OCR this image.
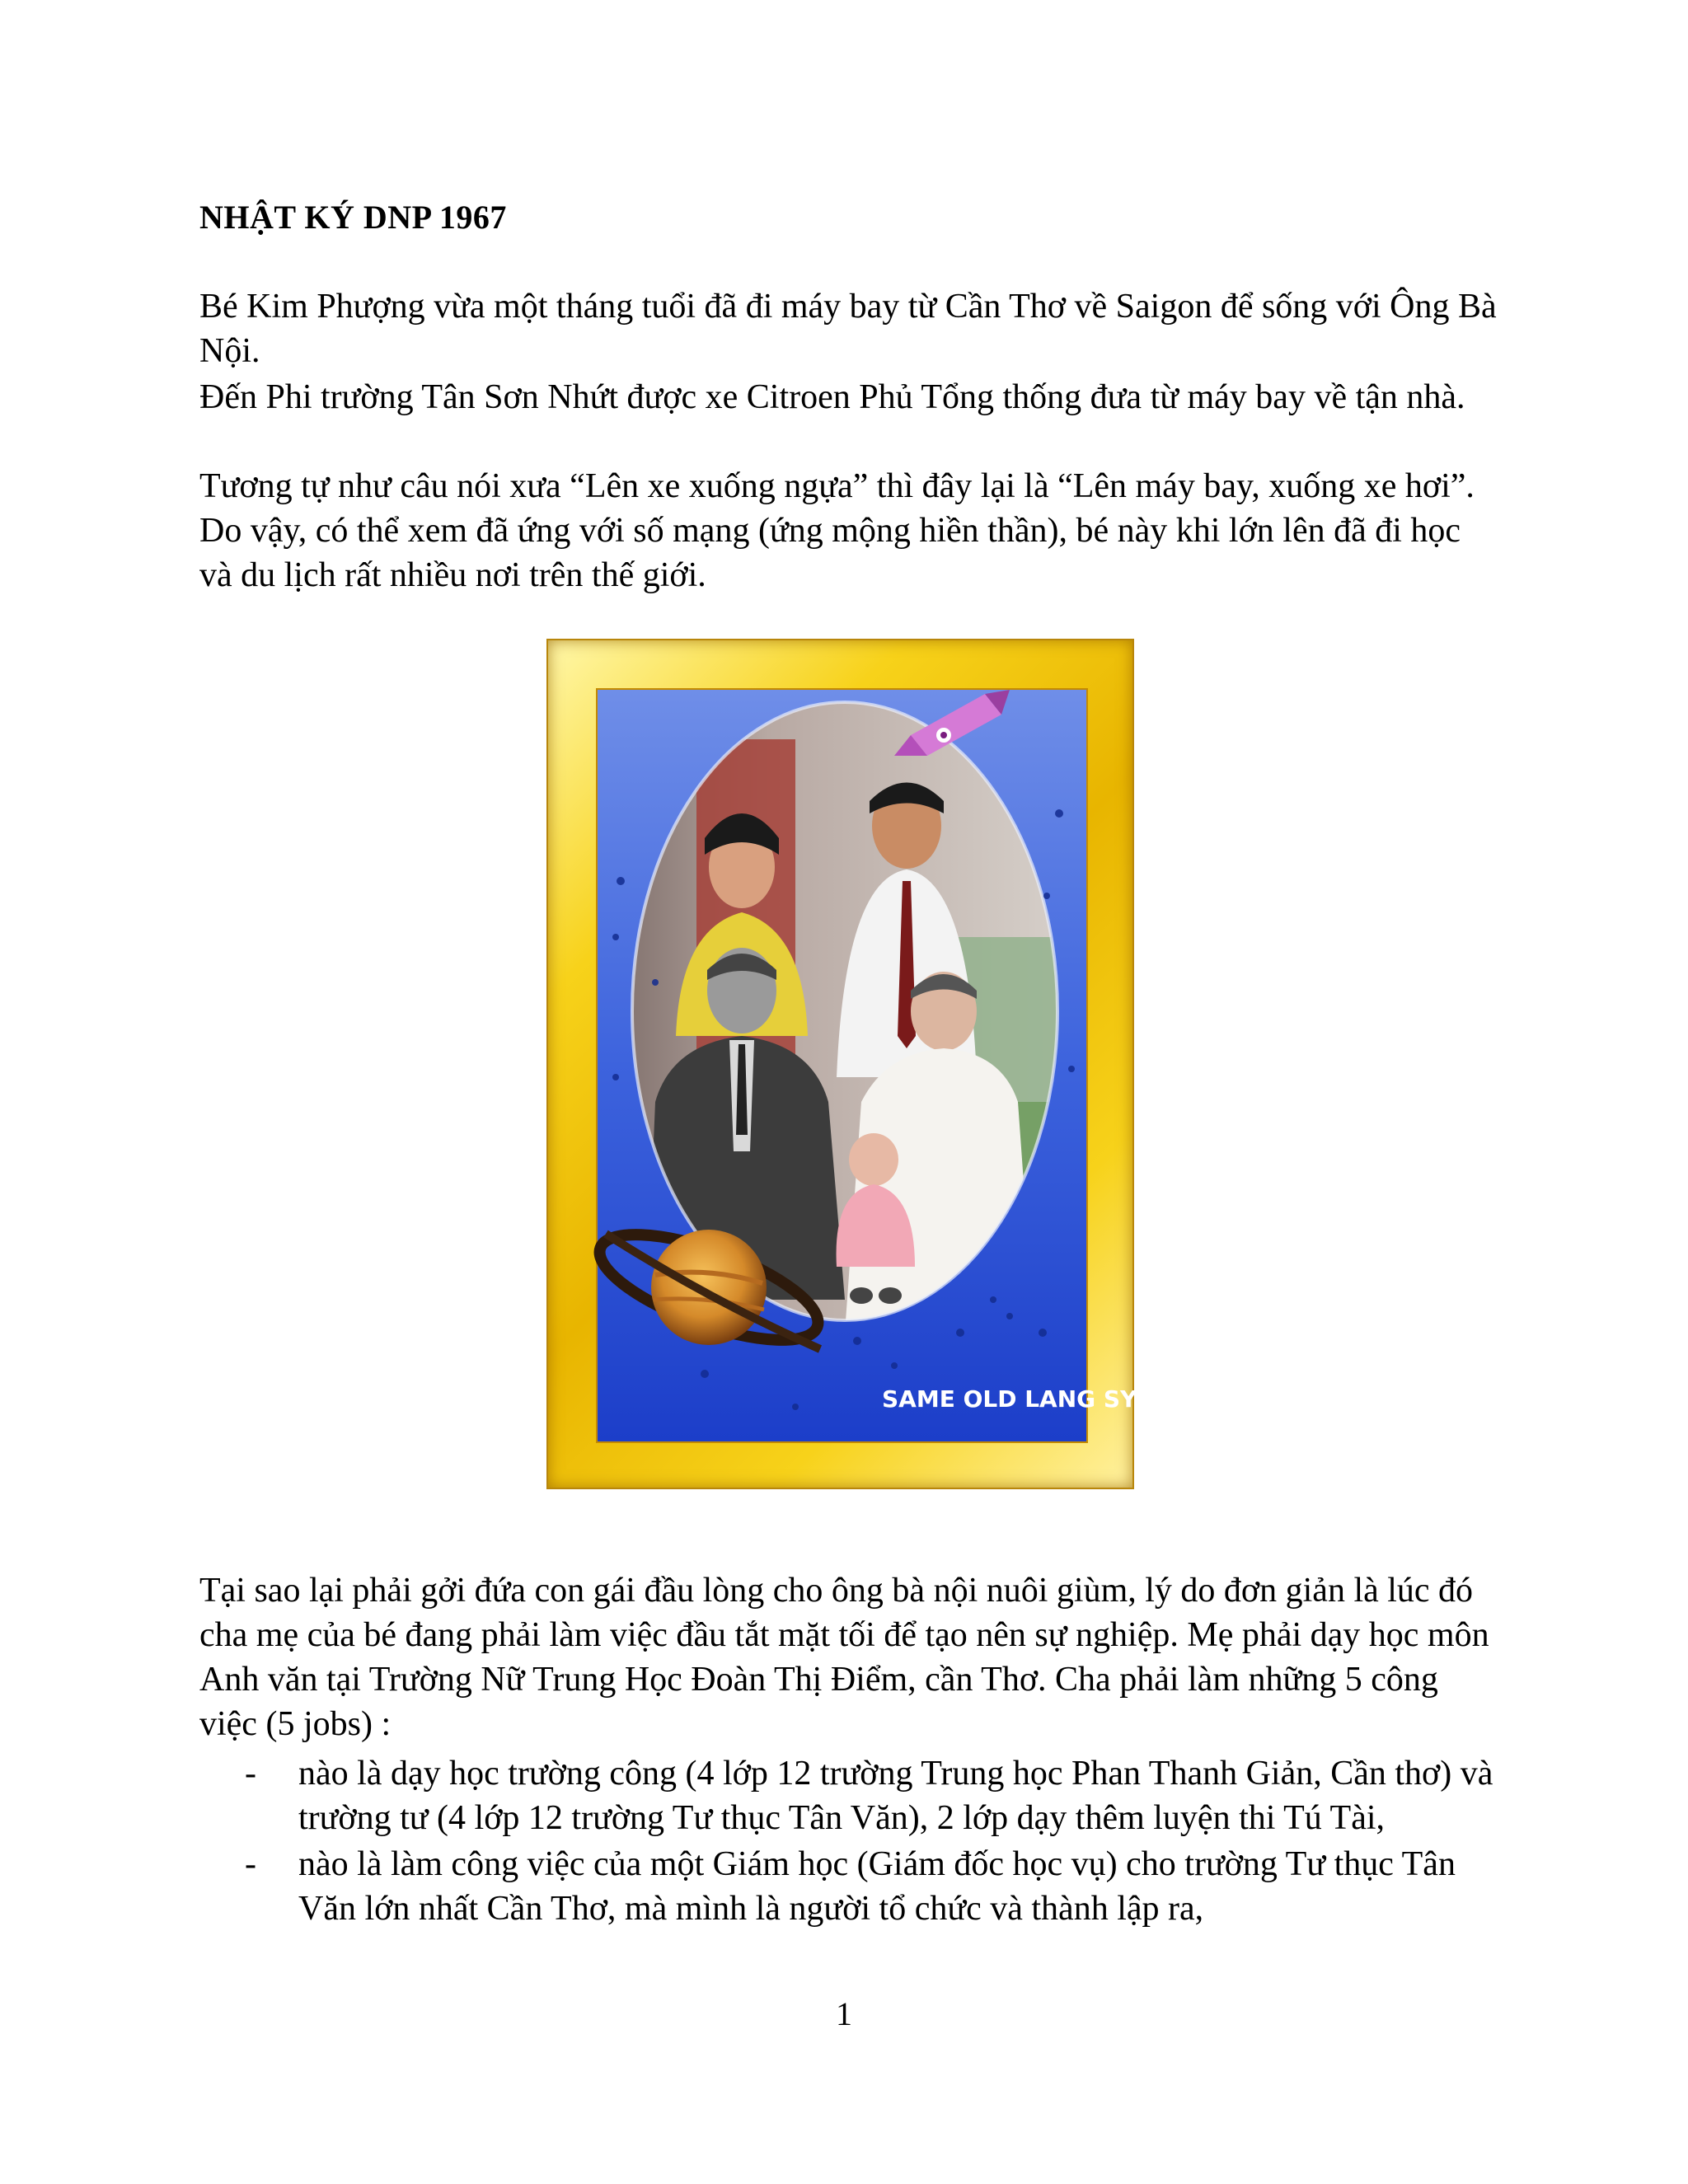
NHẬT KÝ DNP 1967

Bé Kim Phượng vừa một tháng tuổi đã đi máy bay từ Cần Thơ về Saigon để sống với Ông Bà Nội.

Đến Phi trường Tân Sơn Nhứt được xe Citroen Phủ Tổng thống đưa từ máy bay về tận nhà.

Tương tự như câu nói xưa “Lên xe xuống ngựa” thì đây lại là “Lên máy bay, xuống xe hơi”. Do vậy, có thể xem đã ứng với số mạng (ứng mộng hiền thần), bé này khi lớn lên đã đi học và du lịch rất nhiều nơi trên thế giới.

SAME OLD LANG SYN

Tại sao lại phải gởi đứa con gái đầu lòng cho ông bà nội nuôi giùm, lý do đơn giản là lúc đó cha mẹ của bé đang phải làm việc đầu tắt mặt tối để tạo nên sự nghiệp. Mẹ phải dạy học môn Anh văn tại Trường Nữ Trung Học Đoàn Thị Điểm, cần Thơ. Cha phải làm những 5 công việc (5 jobs) :

- nào là dạy học trường công (4 lớp 12 trường Trung học Phan Thanh Giản, Cần thơ) và trường tư (4 lớp 12 trường Tư thục Tân Văn), 2 lớp dạy thêm luyện thi Tú Tài,
- nào là làm công việc của một Giám học (Giám đốc học vụ) cho trường Tư thục Tân Văn lớn nhất Cần Thơ, mà mình là người tổ chức và thành lập ra,
1
